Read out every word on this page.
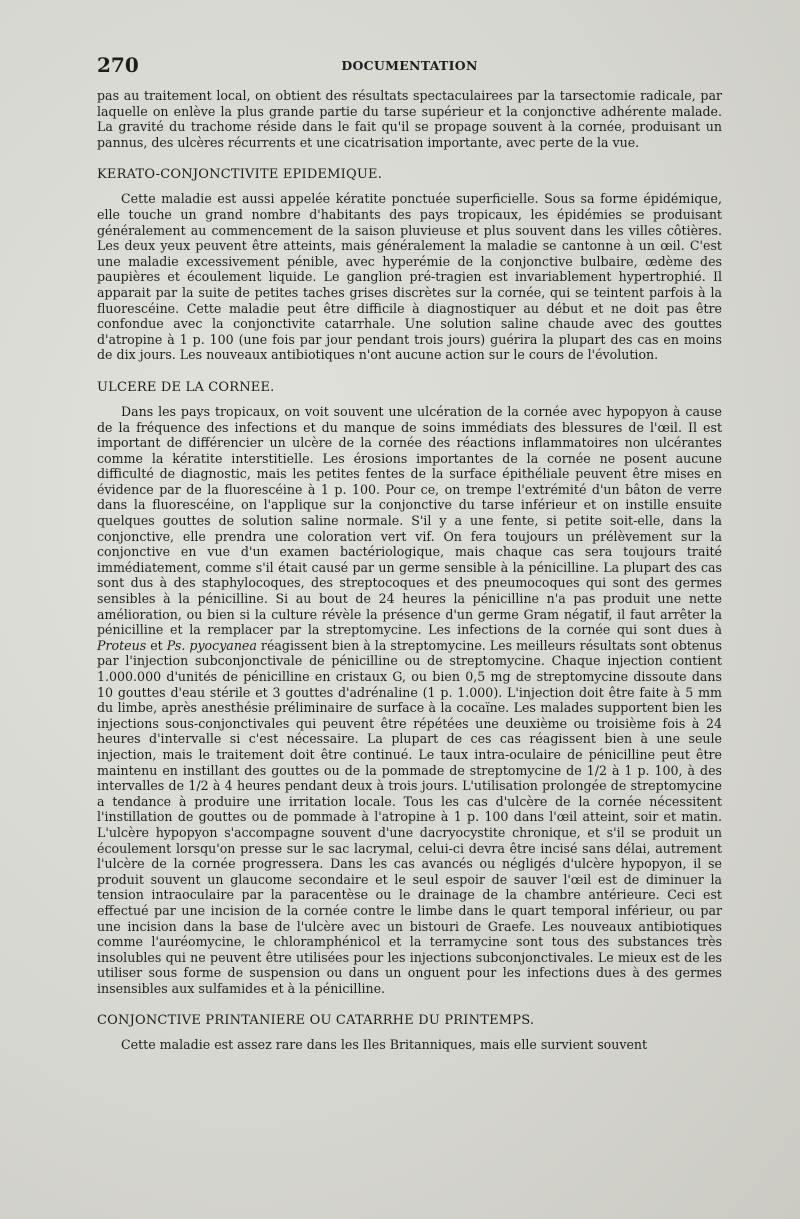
270	DOCUMENTATION

pas au traitement local, on obtient des résultats spectaculairees par la tarsectomie radicale, par laquelle on enlève la plus grande partie du tarse supérieur et la conjonctive adhérente malade. La gravité du trachome réside dans le fait qu'il se propage souvent à la cornée, produisant un pannus, des ulcères récurrents et une cicatrisation importante, avec perte de la vue.

KERATO-CONJONCTIVITE EPIDEMIQUE.

Cette maladie est aussi appelée kératite ponctuée superficielle. Sous sa forme épidémique, elle touche un grand nombre d'habitants des pays tropicaux, les épidémies se produisant généralement au commencement de la saison pluvieuse et plus souvent dans les villes côtières. Les deux yeux peuvent être atteints, mais généralement la maladie se cantonne à un œil. C'est une maladie excessivement pénible, avec hyperémie de la conjonctive bulbaire, œdème des paupières et écoulement liquide. Le ganglion pré-tragien est invariablement hypertrophié. Il apparait par la suite de petites taches grises discrètes sur la cornée, qui se teintent parfois à la fluorescéine. Cette maladie peut être difficile à diagnostiquer au début et ne doit pas être confondue avec la conjonctivite catarrhale. Une solution saline chaude avec des gouttes d'atropine à 1 p. 100 (une fois par jour pendant trois jours) guérira la plupart des cas en moins de dix jours. Les nouveaux antibiotiques n'ont aucune action sur le cours de l'évolution.

ULCERE DE LA CORNEE.

Dans les pays tropicaux, on voit souvent une ulcération de la cornée avec hypopyon à cause de la fréquence des infections et du manque de soins immédiats des blessures de l'œil. Il est important de différencier un ulcère de la cornée des réactions inflammatoires non ulcérantes comme la kératite interstitielle. Les érosions importantes de la cornée ne posent aucune difficulté de diagnostic, mais les petites fentes de la surface épithéliale peuvent être mises en évidence par de la fluorescéine à 1 p. 100. Pour ce, on trempe l'extrémité d'un bâton de verre dans la fluorescéine, on l'applique sur la conjonctive du tarse inférieur et on instille ensuite quelques gouttes de solution saline normale. S'il y a une fente, si petite soit-elle, dans la conjonctive, elle prendra une coloration vert vif. On fera toujours un prélèvement sur la conjonctive en vue d'un examen bactériologique, mais chaque cas sera toujours traité immédiatement, comme s'il était causé par un germe sensible à la pénicilline. La plupart des cas sont dus à des staphylocoques, des streptocoques et des pneumocoques qui sont des germes sensibles à la pénicilline. Si au bout de 24 heures la pénicilline n'a pas produit une nette amélioration, ou bien si la culture révèle la présence d'un germe Gram négatif, il faut arrêter la pénicilline et la remplacer par la streptomycine. Les infections de la cornée qui sont dues à Proteus et Ps. pyocyanea réagissent bien à la streptomycine. Les meilleurs résultats sont obtenus par l'injection subconjonctivale de pénicilline ou de streptomycine. Chaque injection contient 1.000.000 d'unités de pénicilline en cristaux G, ou bien 0,5 mg de streptomycine dissoute dans 10 gouttes d'eau stérile et 3 gouttes d'adrénaline (1 p. 1.000). L'injection doit être faite à 5 mm du limbe, après anesthésie préliminaire de surface à la cocaïne. Les malades supportent bien les injections sous-conjonctivales qui peuvent être répétées une deuxième ou troisième fois à 24 heures d'intervalle si c'est nécessaire. La plupart de ces cas réagissent bien à une seule injection, mais le traitement doit être continué. Le taux intra-oculaire de pénicilline peut être maintenu en instillant des gouttes ou de la pommade de streptomycine de 1/2 à 1 p. 100, à des intervalles de 1/2 à 4 heures pendant deux à trois jours. L'utilisation prolongée de streptomycine a tendance à produire une irritation locale. Tous les cas d'ulcère de la cornée nécessitent l'instillation de gouttes ou de pommade à l'atropine à 1 p. 100 dans l'œil atteint, soir et matin. L'ulcère hypopyon s'accompagne souvent d'une dacryocystite chronique, et s'il se produit un écoulement lorsqu'on presse sur le sac lacrymal, celui-ci devra être incisé sans délai, autrement l'ulcère de la cornée progressera. Dans les cas avancés ou négligés d'ulcère hypopyon, il se produit souvent un glaucome secondaire et le seul espoir de sauver l'œil est de diminuer la tension intraoculaire par la paracentèse ou le drainage de la chambre antérieure. Ceci est effectué par une incision de la cornée contre le limbe dans le quart temporal inférieur, ou par une incision dans la base de l'ulcère avec un bistouri de Graefe. Les nouveaux antibiotiques comme l'auréomycine, le chloramphénicol et la terramycine sont tous des substances très insolubles qui ne peuvent être utilisées pour les injections subconjonctivales. Le mieux est de les utiliser sous forme de suspension ou dans un onguent pour les infections dues à des germes insensibles aux sulfamides et à la pénicilline.

CONJONCTIVE PRINTANIERE OU CATARRHE DU PRINTEMPS.

Cette maladie est assez rare dans les Iles Britanniques, mais elle survient souvent
